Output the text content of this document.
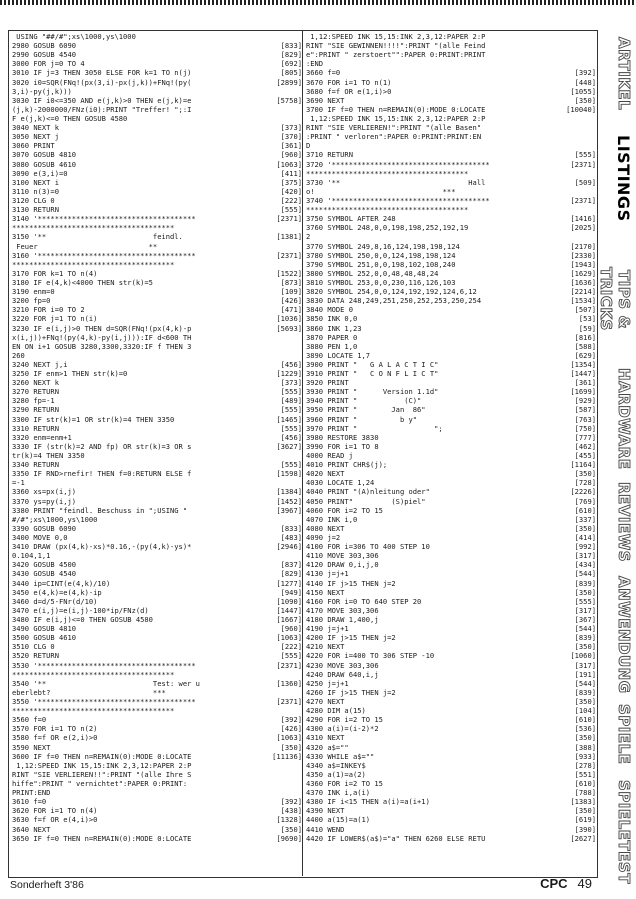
USING "##/#";xs\1000,ys\1000
2980 GOSUB 6090	[833]
2990 GOSUB 4540	[829]
3000 FOR j=0 TO 4	[692]
3010 IF j=3 THEN 3050 ELSE FOR k=1 TO n(j)	[805]
3020 i0=SQR(FNq!(px(3,i)-px(j,k))+FNq!(py(	[2899]
3,i)-py(j,k)))
3030 IF i0<=350 AND e(j,k)>0 THEN e(j,k)=e	[5758]
(j,k)-2000000/FNz(i0):PRINT "Treffer! ";:I
F e(j,k)<=0 THEN GOSUB 4580
3040 NEXT k	[373]
3050 NEXT j	[370]
3060 PRINT	[361]
3070 GOSUB 4810	[960]
3080 GOSUB 4610	[1063]
3090 e(3,i)=0	[411]
3100 NEXT i	[375]
3110 n(3)=0	[420]
3120 CLG 0	[222]
3130 RETURN	[555]
3140 '*************************************	[2371]
**************************************
3150 '**                         feindl.	[1381]
Feuer                          **
3160 '*************************************	[2371]
**************************************
3170 FOR k=1 TO n(4)	[1522]
3180 IF e(4,k)<4000 THEN str(k)=5	[873]
3190 enm=0	[109]
3200 fp=0	[426]
3210 FOR i=0 TO 2	[471]
3220 FOR j=1 TO n(i)	[1036]
3230 IF e(i,j)>0 THEN d=SQR(FNq!(px(4,k)-p	[5693]
x(i,j))+FNq!(py(4,k)-py(i,j))):IF d<600 TH
EN ON i+1 GOSUB 3280,3300,3320:IF f THEN 3
260
3240 NEXT j,i	[456]
3250 IF enm>1 THEN str(k)=0	[1229]
3260 NEXT k	[373]
3270 RETURN	[555]
3280 fp=-1	[489]
3290 RETURN	[555]
3300 IF str(k)=1 OR str(k)=4 THEN 3350	[1465]
3310 RETURN	[555]
3320 enm=enm+1	[456]
3330 IF (str(k)=2 AND fp) OR str(k)=3 OR s	[3627]
tr(k)=4 THEN 3350
3340 RETURN	[555]
3350 IF RND>rnefir! THEN f=0:RETURN ELSE f	[1598]
=-1
3360 xs=px(i,j)	[1384]
3370 ys=py(i,j)	[1452]
3380 PRINT "feindl. Beschuss in ";USING "	[3967]
#/#";xs\1000,ys\1000
3390 GOSUB 6090	[833]
3400 MOVE 0,0	[483]
3410 DRAW (px(4,k)-xs)*0.16,-(py(4,k)-ys)*	[2946]
0.104,1,1
3420 GOSUB 4500	[837]
3430 GOSUB 4540	[829]
3440 ip=CINT(e(4,k)/10)	[1277]
3450 e(4,k)=e(4,k)-ip	[949]
3460 d=d/5-FNr(d/10)	[1090]
3470 e(i,j)=e(i,j)-100*ip/FNz(d)	[1447]
3480 IF e(i,j)<=0 THEN GOSUB 4580	[1667]
3490 GOSUB 4810	[960]
3500 GOSUB 4610	[1063]
3510 CLG 0	[222]
3520 RETURN	[555]
3530 '*************************************	[2371]
**************************************
3540 '**                         Test: wer u	[1360]
eberlebt?                        ***
3550 '*************************************	[2371]
**************************************
3560 f=0	[392]
3570 FOR i=1 TO n(2)	[426]
3580 f=f OR e(2,i)>0	[1063]
3590 NEXT	[350]
3600 IF f=0 THEN n=REMAIN(0):MODE 0:LOCATE	[11136]
1,12:SPEED INK 15,15:INK 2,3,12:PAPER 2:P
RINT "SIE VERLIEREN!!":PRINT "(alle Ihre S
hiffe":PRINT " vernichtet":PAPER 0:PRINT:
PRINT:END
3610 f=0	[392]
3620 FOR i=1 TO n(4)	[438]
3630 f=f OR e(4,i)>0	[1328]
3640 NEXT	[350]
3650 IF f=0 THEN n=REMAIN(0):MODE 0:LOCATE	[9690]
1,12:SPEED INK 15,15:INK 2,3,12:PAPER 2:P
RINT "SIE GEWINNEN!!!!":PRINT "(alle Feind
e":PRINT " zerstoert"":PAPER 0:PRINT:PRINT
:END
3660 f=0	[392]
3670 FOR i=1 TO n(1)	[448]
3680 f=f OR e(1,i)>0	[1055]
3690 NEXT	[350]
3700 IF f=0 THEN n=REMAIN(0):MODE 0:LOCATE	[10040]
1,12:SPEED INK 15,15:INK 2,3,12:PAPER 2:P
RINT "SIE VERLIEREN!":PRINT "(alle Basen"
:PRINT " verloren":PAPER 0:PRINT:PRINT:EN
D
3710 RETURN	[555]
3720 '*************************************	[2371]
**************************************
3730 '**                              Hall	[509]
o!                              ***
3740 '*************************************	[2371]
**************************************
3750 SYMBOL AFTER 248	[1416]
3760 SYMBOL 248,0,0,198,198,252,192,19	[2025]
2
3770 SYMBOL 249,8,16,124,198,198,124	[2170]
3780 SYMBOL 250,0,0,124,198,198,124	[2330]
3790 SYMBOL 251,0,0,198,102,108,240	[1943]
3800 SYMBOL 252,0,0,48,48,48,24	[1629]
3810 SYMBOL 253,0,0,230,116,126,103	[1636]
3820 SYMBOL 254,0,0,124,192,192,124,6,12	[2214]
3830 DATA 248,249,251,250,252,253,250,254	[1534]
3840 MODE 0	[507]
3850 INK 0,0	[53]
3860 INK 1,23	[59]
3870 PAPER 0	[816]
3880 PEN 1,0	[588]
3890 LOCATE 1,7	[629]
3900 PRINT "   G A L A C T I C"	[1354]
3910 PRINT "   C O N F L I C T"	[1447]
3920 PRINT	[361]
3930 PRINT "      Version 1.1d"	[1699]
3940 PRINT "           (C)"	[929]
3950 PRINT "        Jan  86"	[587]
3960 PRINT "          b y"	[763]
3970 PRINT "                  ";	[750]
3980 RESTORE 3830	[777]
3990 FOR i=1 TO 8	[462]
4000 READ j	[455]
4010 PRINT CHR$(j);	[1164]
4020 NEXT	[350]
4030 LOCATE 1,24	[728]
4040 PRINT "(A)nleitung oder"	[2226]
4050 PRINT"         (S)piel"	[769]
4060 FOR i=2 TO 15	[610]
4070 INK i,0	[337]
4080 NEXT	[350]
4090 j=2	[414]
4100 FOR i=306 TO 400 STEP 10	[992]
4110 MOVE 303,306	[317]
4120 DRAW 0,i,j,0	[434]
4130 j=j+1	[544]
4140 IF j>15 THEN j=2	[839]
4150 NEXT	[350]
4160 FOR i=0 TO 640 STEP 20	[555]
4170 MOVE 303,306	[317]
4180 DRAW 1,400,j	[367]
4190 j=j+1	[544]
4200 IF j>15 THEN j=2	[839]
4210 NEXT	[350]
4220 FOR i=400 TO 306 STEP -10	[1060]
4230 MOVE 303,306	[317]
4240 DRAW 640,i,j	[191]
4250 j=j+1	[544]
4260 IF j>15 THEN j=2	[839]
4270 NEXT	[350]
4280 DIM a(15)	[104]
4290 FOR i=2 TO 15	[610]
4300 a(i)=(i-2)*2	[536]
4310 NEXT	[350]
4320 a$=""	[388]
4330 WHILE a$=""	[933]
4340 a$=INKEY$	[278]
4350 a(1)=a(2)	[551]
4360 FOR i=2 TO 15	[610]
4370 INK i,a(i)	[788]
4380 IF i<15 THEN a(i)=a(i+1)	[1383]
4390 NEXT	[350]
4400 a(15)=a(1)	[619]
4410 WEND	[390]
4420 IF LOWER$(a$)="a" THEN 6260 ELSE RETU	[2627]
ARTIKEL
LISTINGS
TIPS & TRICKS
HARDWARE
REVIEWS
ANWENDUNG
SPIELE
SPIELETEST
Sonderheft 3'86	CPC 49
